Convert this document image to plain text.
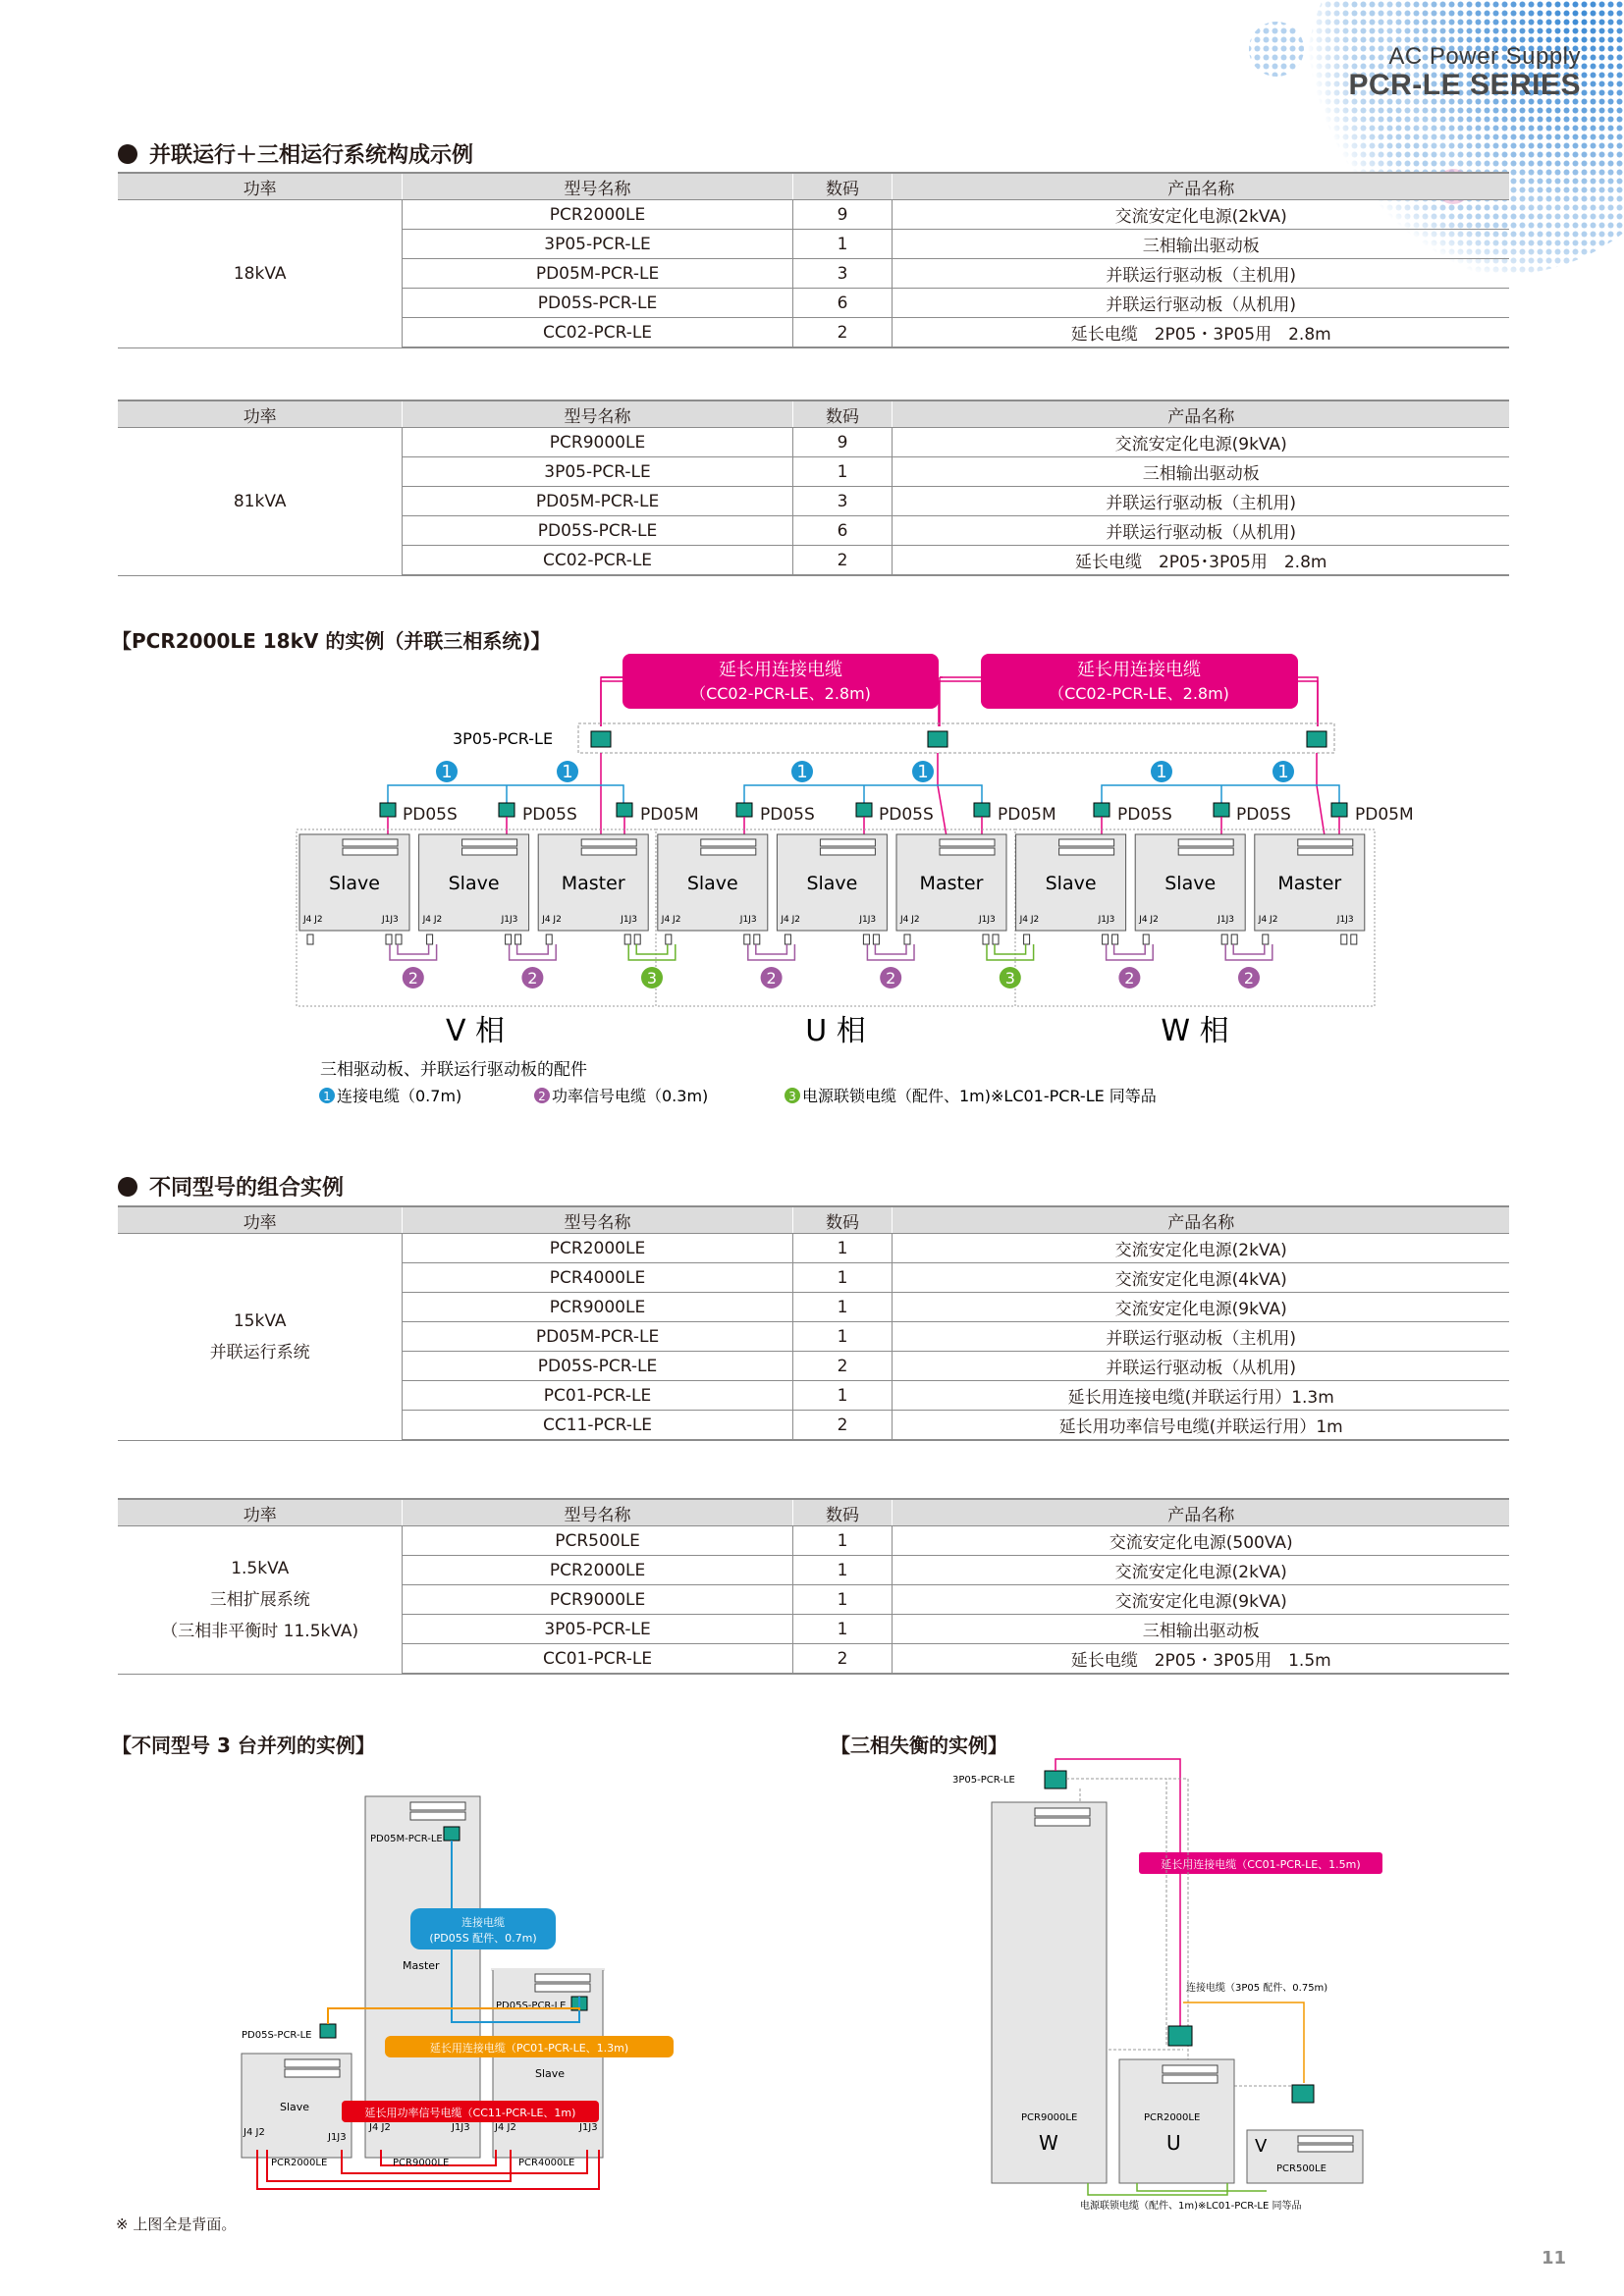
AC Power Supply
PCR-LE SERIES
并联运行＋三相运行系统构成示例
功率	型号名称	数码	产品名称

18kVA	PCR2000LE	9	交流安定化电源(2kVA)
	3P05-PCR-LE	1	三相输出驱动板
	PD05M-PCR-LE	3	并联运行驱动板（主机用)
	PD05S-PCR-LE	6	并联运行驱动板（从机用)
	CC02-PCR-LE	2	延长电缆　2P05・3P05用　2.8m
功率	型号名称	数码	产品名称

81kVA	PCR9000LE	9	交流安定化电源(9kVA)
	3P05-PCR-LE	1	三相输出驱动板
	PD05M-PCR-LE	3	并联运行驱动板（主机用)
	PD05S-PCR-LE	6	并联运行驱动板（从机用)
	CC02-PCR-LE	2	延长电缆　2P05･3P05用　2.8m
【PCR2000LE 18kV 的实例（并联三相系统)】
延长用连接电缆
（CC02-PCR-LE、2.8m)
延长用连接电缆
（CC02-PCR-LE、2.8m)
3P05-PCR-LE
1	1	1	1	1	1
PD05S	PD05S	PD05M	PD05S	PD05S	PD05M	PD05S	PD05S	PD05M
Slave
J4 J2	J1J3
Slave
J4 J2	J1J3
Master
J4 J2	J1J3
Slave
J4 J2	J1J3
Slave
J4 J2	J1J3
Master
J4 J2	J1J3
Slave
J4 J2	J1J3
Slave
J4 J2	J1J3
Master
J4 J2	J1J3
2	2	3	2	2	3	2	2
V 相	U 相	W 相
三相驱动板、并联运行驱动板的配件
1 连接电缆（0.7m)	2 功率信号电缆（0.3m)	3 电源联锁电缆（配件、1m)※LC01-PCR-LE 同等品
不同型号的组合实例
功率	型号名称	数码	产品名称

15kVA
并联运行系统	PCR2000LE	1	交流安定化电源(2kVA)
	PCR4000LE	1	交流安定化电源(4kVA)
	PCR9000LE	1	交流安定化电源(9kVA)
	PD05M-PCR-LE	1	并联运行驱动板（主机用)
	PD05S-PCR-LE	2	并联运行驱动板（从机用)
	PC01-PCR-LE	1	延长用连接电缆(并联运行用）1.3m
	CC11-PCR-LE	2	延长用功率信号电缆(并联运行用）1m
功率	型号名称	数码	产品名称

1.5kVA
三相扩展系统
（三相非平衡时 11.5kVA)	PCR500LE	1	交流安定化电源(500VA)
	PCR2000LE	1	交流安定化电源(2kVA)
	PCR9000LE	1	交流安定化电源(9kVA)
	3P05-PCR-LE	1	三相输出驱动板
	CC01-PCR-LE	2	延长电缆　2P05・3P05用　1.5m
【不同型号 3 台并列的实例】
PD05M-PCR-LE
Master
PD05S-PCR-LE
Slave
Slave
PD05S-PCR-LE
连接电缆
(PD05S 配件、0.7m)
延长用连接电缆（PC01-PCR-LE、1.3m)
延长用功率信号电缆（CC11-PCR-LE、1m)
J4 J2	J1J3
J4 J2	J1J3	J4 J2	J1J3
PCR2000LE	PCR9000LE	PCR4000LE
※ 上图全是背面。
【三相失衡的实例】
3P05-PCR-LE
延长用连接电缆（CC01-PCR-LE、1.5m)
连接电缆（3P05 配件、0.75m)
PCR9000LE
W
PCR2000LE
U	V
PCR500LE
电源联锁电缆（配件、1m)※LC01-PCR-LE 同等品
11
